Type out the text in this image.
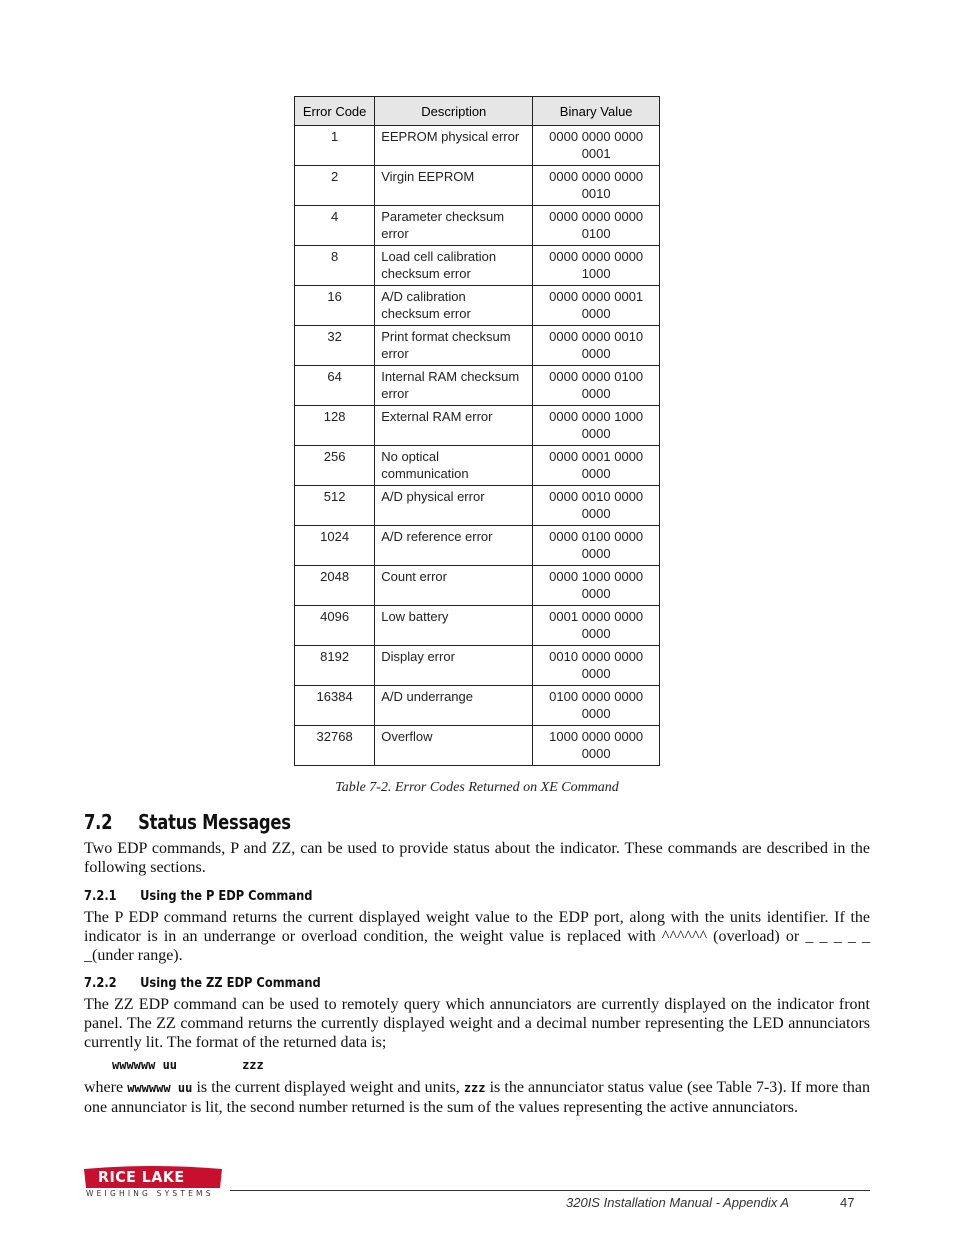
Error Code	Description	Binary Value
1	EEPROM physical error	0000 0000 0000 0001
2	Virgin EEPROM	0000 0000 0000 0010
4	Parameter checksum error	0000 0000 0000 0100
8	Load cell calibration checksum error	0000 0000 0000 1000
16	A/D calibration checksum error	0000 0000 0001 0000
32	Print format checksum error	0000 0000 0010 0000
64	Internal RAM checksum error	0000 0000 0100 0000
128	External RAM error	0000 0000 1000 0000
256	No optical communication	0000 0001 0000 0000
512	A/D physical error	0000 0010 0000 0000
1024	A/D reference error	0000 0100 0000 0000
2048	Count error	0000 1000 0000 0000
4096	Low battery	0001 0000 0000 0000
8192	Display error	0010 0000 0000 0000
16384	A/D underrange	0100 0000 0000 0000
32768	Overflow	1000 0000 0000 0000
Table 7-2. Error Codes Returned on XE Command
7.2 Status Messages
Two EDP commands, P and ZZ, can be used to provide status about the indicator. These commands are described in the following sections.
7.2.1 Using the P EDP Command
The P EDP command returns the current displayed weight value to the EDP port, along with the units identifier. If the indicator is in an underrange or overload condition, the weight value is replaced with ^^^^^^ (overload) or _ _ _ _ _ _(under range).
7.2.2 Using the ZZ EDP Command
The ZZ EDP command can be used to remotely query which annunciators are currently displayed on the indicator front panel. The ZZ command returns the currently displayed weight and a decimal number representing the LED annunciators currently lit. The format of the returned data is;
wwwwww uu	zzz
where wwwwww uu is the current displayed weight and units, zzz is the annunciator status value (see Table 7-3). If more than one annunciator is lit, the second number returned is the sum of the values representing the active annunciators.
RICE LAKE
WEIGHING SYSTEMS
320IS Installation Manual - Appendix A	47
